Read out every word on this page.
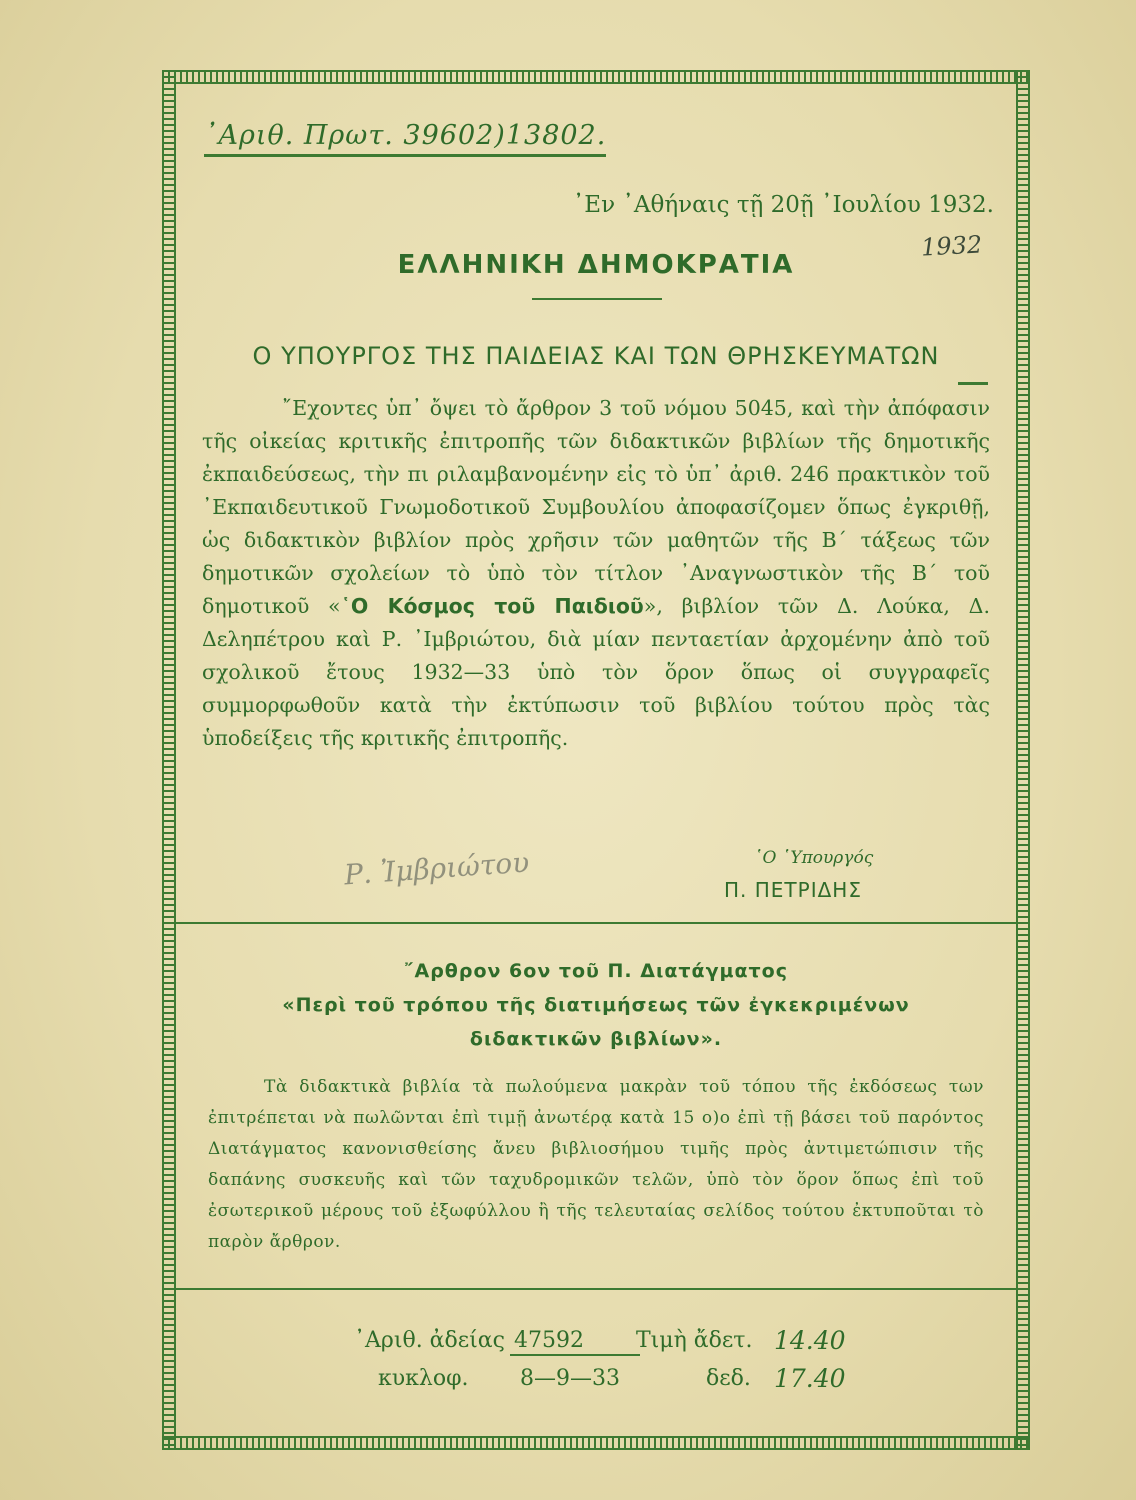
᾿Αριθ. Πρωτ. 39602)13802.
᾿Εν ᾿Αθήναις τῇ 20ῇ ᾿Ιουλίου 1932.
1932
ΕΛΛΗΝΙΚΗ ΔΗΜΟΚΡΑΤΙΑ
Ο ΥΠΟΥΡΓΟΣ ΤΗΣ ΠΑΙΔΕΙΑΣ ΚΑΙ ΤΩΝ ΘΡΗΣΚΕΥΜΑΤΩΝ
῎Εχοντες ὑπ᾿ ὄψει τὸ ἄρθρον 3 τοῦ νόμου 5045, καὶ τὴν ἀπόφασιν τῆς οἰκείας κριτικῆς ἐπιτροπῆς τῶν διδακτικῶν βιβλίων τῆς δημοτικῆς ἐκπαιδεύσεως, τὴν πι ριλαμβανομένην εἰς τὸ ὑπ᾿ ἀριθ. 246 πρακτικὸν τοῦ ᾿Εκπαιδευτικοῦ Γνωμοδοτικοῦ Συμβουλίου ἀποφασίζομεν ὅπως ἐγκριθῇ, ὡς διδακτικὸν βιβλίον πρὸς χρῆσιν τῶν μαθητῶν τῆς Β΄ τάξεως τῶν δημοτικῶν σχολείων τὸ ὑπὸ τὸν τίτλον ᾿Αναγνωστικὸν τῆς Β΄ τοῦ δημοτικοῦ «῾Ο Κόσμος τοῦ Παιδιοῦ», βιβλίον τῶν Δ. Λούκα, Δ. Δεληπέτρου καὶ Ρ. ᾿Ιμβριώτου, διὰ μίαν πενταετίαν ἀρχομένην ἀπὸ τοῦ σχολικοῦ ἔτους 1932—33 ὑπὸ τὸν ὅρον ὅπως οἱ συγγραφεῖς συμμορφωθοῦν κατὰ τὴν ἐκτύπωσιν τοῦ βιβλίου τούτου πρὸς τὰς ὑποδείξεις τῆς κριτικῆς ἐπιτροπῆς.
Ρ. Ἰμβριώτου	῾Ο ῾Υπουργός
Π. ΠΕΤΡΙΔΗΣ
῎Αρθρον 6ον τοῦ Π. Διατάγματος
«Περὶ τοῦ τρόπου τῆς διατιμήσεως τῶν ἐγκεκριμένων
διδακτικῶν βιβλίων».
Τὰ διδακτικὰ βιβλία τὰ πωλούμενα μακρὰν τοῦ τόπου τῆς ἐκδόσεως των ἐπιτρέπεται νὰ πωλῶνται ἐπὶ τιμῇ ἀνωτέρᾳ κατὰ 15 ο)ο ἐπὶ τῇ βάσει τοῦ παρόντος Διατάγματος κανονισθείσης ἄνευ βιβλιοσήμου τιμῆς πρὸς ἀντιμετώπισιν τῆς δαπάνης συσκευῆς καὶ τῶν ταχυδρομικῶν τελῶν, ὑπὸ τὸν ὅρον ὅπως ἐπὶ τοῦ ἐσωτερικοῦ μέρους τοῦ ἐξωφύλλου ἢ τῆς τελευταίας σελίδος τούτου ἐκτυποῦται τὸ παρὸν ἄρθρον.
᾿Αριθ. ἀδείας 47592 Τιμὴ ἄδετ. 14.40
κυκλοφ. 8—9—33	δεδ. 17.40
